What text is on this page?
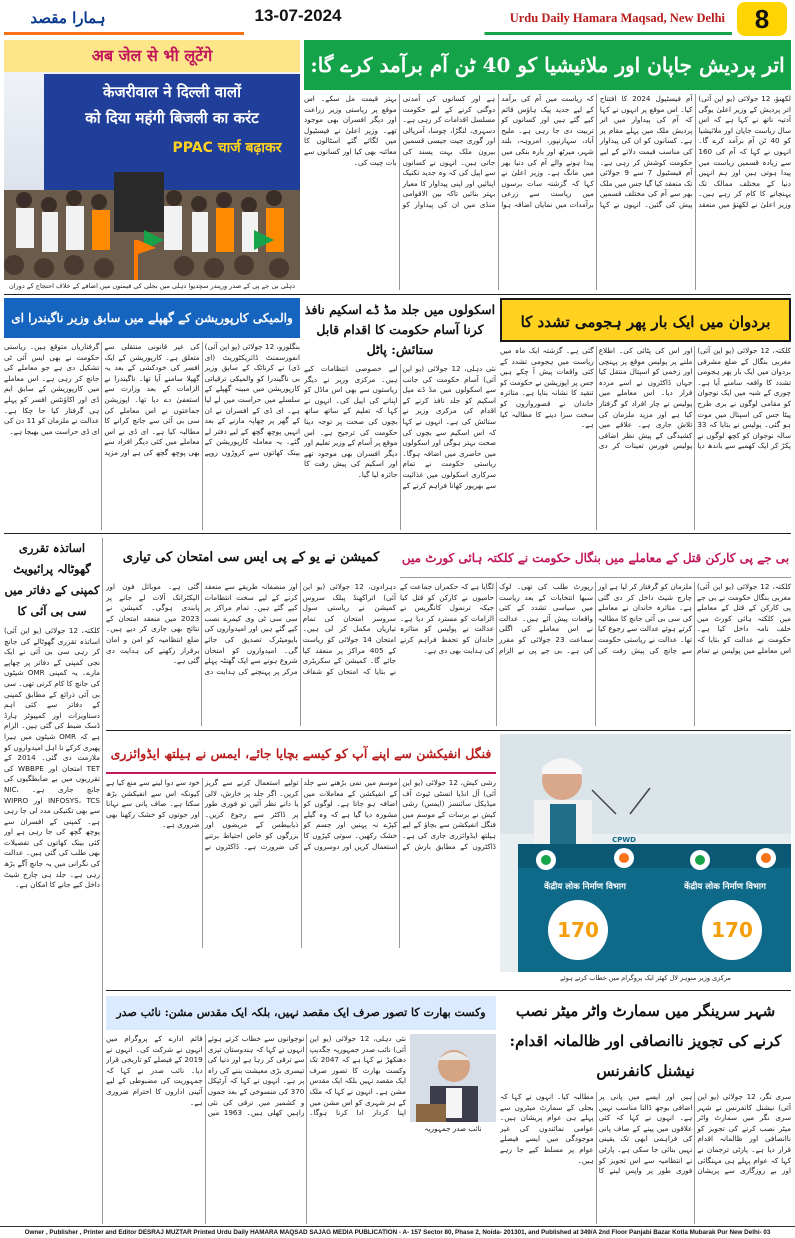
ہمارا مقصد	13-07-2024	Urdu Daily Hamara Maqsad, New Delhi	8
अब जेल से भी लूटेंगे
केजरीवाल ने दिल्ली वालों
को दिया महंगी बिजली का करंट
PPAC चार्ज बढ़ाकर
دہلی بی جے پی کے صدر وریندر سچدیوا دہلی میں بجلی کی قیمتوں میں اضافے کے خلاف احتجاج کے دوران
اتر پردیش جاپان اور ملائیشیا کو 40 ٹن آم برآمد کرے گا:
لکھنؤ، 12 جولائی (یو این آئی) اتر پردیش کے وزیر اعلیٰ یوگی آدتیہ ناتھ نے کہا ہے کہ اس سال ریاست جاپان اور ملائیشیا کو 40 ٹن آم برآمد کرے گا۔ انہوں نے کہا کہ آم کی 160 سے زیادہ قسمیں ریاست میں پیدا ہوتی ہیں اور ہم انہیں دنیا کے مختلف ممالک تک پہنچانے کا کام کر رہے ہیں۔ وزیر اعلیٰ نے لکھنؤ میں منعقد آم فیسٹیول 2024 کا افتتاح کیا۔ اس موقع پر انہوں نے کہا کہ آم کی پیداوار میں اتر پردیش ملک میں پہلے مقام پر ہے۔ کسانوں کو ان کی پیداوار کی مناسب قیمت دلانے کے لیے حکومت کوشش کر رہی ہے۔ آم فیسٹیول 7 سے 9 جولائی تک منعقد کیا گیا جس میں ملک بھر سے آم کی مختلف قسمیں پیش کی گئیں۔ انہوں نے کہا کہ ریاست میں آم کی برآمد کے لیے جدید پیک ہاؤس قائم کیے گئے ہیں اور کسانوں کو تربیت دی جا رہی ہے۔ ملیح آباد، سہارنپور، امروہہ، بلند شہر، میرٹھ اور بارہ بنکی میں پیدا ہونے والے آم کی دنیا بھر میں مانگ ہے۔ وزیر اعلیٰ نے کہا کہ گزشتہ سات برسوں میں ریاست سے زرعی برآمدات میں نمایاں اضافہ ہوا ہے اور کسانوں کی آمدنی دوگنی کرنے کے لیے حکومت مسلسل اقدامات کر رہی ہے۔ دسہری، لنگڑا، چوسا، آمرپالی اور گوری جیت جیسی قسمیں بیرون ملک بہت پسند کی جاتی ہیں۔ انہوں نے کسانوں سے اپیل کی کہ وہ جدید تکنیک اپنائیں اور اپنی پیداوار کا معیار بہتر بنائیں تاکہ بین الاقوامی منڈی میں ان کی پیداوار کو بہتر قیمت مل سکے۔ اس موقع پر ریاستی وزیر زراعت اور دیگر افسران بھی موجود تھے۔ وزیر اعلیٰ نے فیسٹیول میں لگائے گئے اسٹالوں کا معائنہ بھی کیا اور کسانوں سے بات چیت کی۔
والمیکی کارپوریشن کے گھپلے میں سابق وزیر ناگیندرا ای
بنگلورو، 12 جولائی (یو این آئی) انفورسمنٹ ڈائریکٹوریٹ (ای ڈی) نے کرناٹک کے سابق وزیر بی ناگیندرا کو والمیکی ترقیاتی کارپوریشن میں مبینہ گھپلے کے سلسلے میں حراست میں لے لیا ہے۔ ای ڈی کے افسران نے ان کے گھر پر چھاپہ مارنے کے بعد انہیں پوچھ گچھ کے لیے دفتر لے گئے۔ یہ معاملہ کارپوریشن کے بینک کھاتوں سے کروڑوں روپے کی غیر قانونی منتقلی سے متعلق ہے۔ کارپوریشن کے ایک افسر کی خودکشی کے بعد یہ گھپلا سامنے آیا تھا۔ ناگیندرا نے الزامات کے بعد وزارت سے استعفیٰ دے دیا تھا۔ اپوزیشن جماعتوں نے اس معاملے کی سی بی آئی سے جانچ کرانے کا مطالبہ کیا ہے۔ ای ڈی نے اس معاملے میں کئی دیگر افراد سے بھی پوچھ گچھ کی ہے اور مزید گرفتاریاں متوقع ہیں۔ ریاستی حکومت نے بھی ایس آئی ٹی تشکیل دی ہے جو معاملے کی جانچ کر رہی ہے۔ اس معاملے میں کارپوریشن کے سابق ایم ڈی اور اکاؤنٹس افسر کو پہلے ہی گرفتار کیا جا چکا ہے۔ عدالت نے ملزمان کو 11 دن کی ای ڈی حراست میں بھیجا ہے۔
اسکولوں میں جلد مڈ ڈے اسکیم نافذ کرنا آسام حکومت کا اقدام قابل ستائش: پاٹل
نئی دہلی، 12 جولائی (یو این آئی) آسام حکومت کی جانب سے اسکولوں میں مڈ ڈے میل اسکیم کو جلد نافذ کرنے کے اقدام کی مرکزی وزیر نے ستائش کی ہے۔ انہوں نے کہا کہ اس اسکیم سے بچوں کی صحت بہتر ہوگی اور اسکولوں میں حاضری میں اضافہ ہوگا۔ ریاستی حکومت نے تمام سرکاری اسکولوں میں غذائیت سے بھرپور کھانا فراہم کرنے کے لیے خصوصی انتظامات کیے ہیں۔ مرکزی وزیر نے دیگر ریاستوں سے بھی اس ماڈل کو اپنانے کی اپیل کی۔ انہوں نے کہا کہ تعلیم کے ساتھ ساتھ بچوں کی صحت پر توجہ دینا حکومت کی ترجیح ہے۔ اس موقع پر آسام کے وزیر تعلیم اور دیگر افسران بھی موجود تھے اور اسکیم کی پیش رفت کا جائزہ لیا گیا۔
بردوان میں ایک بار پھر ہجومی تشدد کا
کلکتہ، 12 جولائی (یو این آئی) مغربی بنگال کے ضلع مشرقی بردوان میں ایک بار پھر ہجومی تشدد کا واقعہ سامنے آیا ہے۔ چوری کے شبہ میں ایک نوجوان کو مقامی لوگوں نے بری طرح پیٹا جس کی اسپتال میں موت ہو گئی۔ پولیس نے بتایا کہ 33 سالہ نوجوان کو کچھ لوگوں نے پکڑ کر ایک کھمبے سے باندھ دیا اور اس کی پٹائی کی۔ اطلاع ملنے پر پولیس موقع پر پہنچی اور زخمی کو اسپتال منتقل کیا جہاں ڈاکٹروں نے اسے مردہ قرار دیا۔ اس معاملے میں پولیس نے چار افراد کو گرفتار کیا ہے اور مزید ملزمان کی تلاش جاری ہے۔ علاقے میں کشیدگی کے پیش نظر اضافی پولیس فورس تعینات کر دی گئی ہے۔ گزشتہ ایک ماہ میں ریاست میں ہجومی تشدد کے کئی واقعات پیش آ چکے ہیں جس پر اپوزیشن نے حکومت کو تنقید کا نشانہ بنایا ہے۔ متاثرہ خاندان نے قصورواروں کو سخت سزا دینے کا مطالبہ کیا ہے۔
اساتذہ تقرری گھوٹالہ پرائیویٹ کمپنی کے دفاتر میں سی بی آئی کا
کلکتہ، 12 جولائی (یو این آئی) اساتذہ تقرری گھوٹالے کی جانچ کر رہی سی بی آئی نے ایک نجی کمپنی کے دفاتر پر چھاپے مارے۔ یہ کمپنی OMR شیٹوں کی جانچ کا کام کرتی تھی۔ سی بی آئی ذرائع کے مطابق کمپنی کے دفاتر سے کئی اہم دستاویزات اور کمپیوٹر ہارڈ ڈسک ضبط کی گئی ہیں۔ الزام ہے کہ OMR شیٹوں میں ہیرا پھیری کرکے نا اہل امیدواروں کو ملازمت دی گئی۔ 2014 کے TET امتحان اور WBBPE کی تقرریوں میں بے ضابطگیوں کی جانچ جاری ہے۔ NIC، INFOSYS، TCS اور WIPRO سے بھی تکنیکی مدد لی جا رہی ہے۔ کمپنی کے افسران سے پوچھ گچھ کی جا رہی ہے اور کئی بینک کھاتوں کی تفصیلات بھی طلب کی گئی ہیں۔ عدالت کی نگرانی میں یہ جانچ آگے بڑھ رہی ہے۔ جلد ہی چارج شیٹ داخل کیے جانے کا امکان ہے۔
کمیشن نے یو کے پی ایس سی امتحان کی تیاری
دہرادون، 12 جولائی (یو این آئی) اتراکھنڈ پبلک سروس کمیشن نے ریاستی سول سروسز امتحان کی تمام تیاریاں مکمل کر لی ہیں۔ امتحان 14 جولائی کو ریاست کے 405 مراکز پر منعقد کیا جائے گا۔ کمیشن کے سکریٹری نے بتایا کہ امتحان کو شفاف اور منصفانہ طریقے سے منعقد کرنے کے لیے سخت انتظامات کیے گئے ہیں۔ تمام مراکز پر سی سی ٹی وی کیمرے نصب کیے گئے ہیں اور امیدواروں کی بایومیٹرک تصدیق کی جائے گی۔ امیدواروں کو امتحان شروع ہونے سے ایک گھنٹہ پہلے مرکز پر پہنچنے کی ہدایت دی گئی ہے۔ موبائل فون اور الیکٹرانک آلات لے جانے پر پابندی ہوگی۔ کمیشن نے 2023 میں منعقد امتحان کے نتائج بھی جاری کر دیے ہیں۔ ضلع انتظامیہ کو امن و امان برقرار رکھنے کی ہدایت دی گئی ہے۔
بی جے پی کارکن قتل کے معاملے میں بنگال حکومت نے کلکتہ ہائی کورٹ میں
کلکتہ، 12 جولائی (یو این آئی) مغربی بنگال حکومت نے بی جے پی کارکن کے قتل کے معاملے میں کلکتہ ہائی کورٹ میں حلف نامہ داخل کیا ہے۔ حکومت نے عدالت کو بتایا کہ اس معاملے میں پولیس نے تمام ملزمان کو گرفتار کر لیا ہے اور چارج شیٹ داخل کر دی گئی ہے۔ متاثرہ خاندان نے معاملے کی سی بی آئی جانچ کا مطالبہ کرتے ہوئے عدالت سے رجوع کیا تھا۔ عدالت نے ریاستی حکومت سے جانچ کی پیش رفت کی رپورٹ طلب کی تھی۔ لوک سبھا انتخابات کے بعد ریاست میں سیاسی تشدد کے کئی واقعات پیش آئے ہیں۔ عدالت نے اس معاملے کی اگلی سماعت 23 جولائی کو مقرر کی ہے۔ بی جے پی نے الزام لگایا ہے کہ حکمراں جماعت کے حامیوں نے کارکن کو قتل کیا جبکہ ترنمول کانگریس نے الزامات کو مسترد کر دیا ہے۔ عدالت نے پولیس کو متاثرہ خاندان کو تحفظ فراہم کرنے کی ہدایت بھی دی ہے۔
فنگل انفیکشن سے اپنے آپ کو کیسے بچایا جائے، ایمس نے ہیلتھ ایڈوائزری
رشی کیش، 12 جولائی (یو این آئی) آل انڈیا انسٹی ٹیوٹ آف میڈیکل سائنسز (ایمس) رشی کیش نے برسات کے موسم میں فنگل انفیکشن سے بچاؤ کے لیے ہیلتھ ایڈوائزری جاری کی ہے۔ ڈاکٹروں کے مطابق بارش کے موسم میں نمی بڑھنے سے جلد کے انفیکشن کے معاملات میں اضافہ ہو جاتا ہے۔ لوگوں کو مشورہ دیا گیا ہے کہ وہ گیلے کپڑے نہ پہنیں اور جسم کو خشک رکھیں۔ سوتی کپڑوں کا استعمال کریں اور دوسروں کے تولیے استعمال کرنے سے گریز کریں۔ اگر جلد پر خارش، لالی یا دانے نظر آئیں تو فوری طور پر ڈاکٹر سے رجوع کریں۔ ذیابیطس کے مریضوں اور بزرگوں کو خاص احتیاط برتنے کی ضرورت ہے۔ ڈاکٹروں نے خود سے دوا لینے سے منع کیا ہے کیونکہ اس سے انفیکشن بڑھ سکتا ہے۔ صاف پانی سے نہانا اور جوتوں کو خشک رکھنا بھی ضروری ہے۔
केंद्रीय लोक निर्माण विभाग	केंद्रीय लोक निर्माण विभाग
CPWD
170	170
مرکزی وزیر منوہر لال کھٹر ایک پروگرام میں خطاب کرتے ہوئے
وکست بھارت کا تصور صرف ایک مقصد نہیں، بلکہ ایک مقدس مشن: نائب صدر
نئی دہلی، 12 جولائی (یو این آئی) نائب صدر جمہوریہ جگدیپ دھنکھڑ نے کہا ہے کہ 2047 تک وکست بھارت کا تصور صرف ایک مقصد نہیں بلکہ ایک مقدس مشن ہے۔ انہوں نے کہا کہ ملک کے ہر شہری کو اس مشن میں اپنا کردار ادا کرنا ہوگا۔ نوجوانوں سے خطاب کرتے ہوئے انہوں نے کہا کہ ہندوستان تیزی سے ترقی کر رہا ہے اور دنیا کی تیسری بڑی معیشت بننے کی راہ پر ہے۔ انہوں نے کہا کہ آرٹیکل 370 کی منسوخی کے بعد جموں و کشمیر میں ترقی کی نئی راہیں کھلی ہیں۔ 1963 میں قائم ادارے کے پروگرام میں انہوں نے شرکت کی۔ انہوں نے 2019 کے فیصلے کو تاریخی قرار دیا۔ نائب صدر نے کہا کہ جمہوریت کی مضبوطی کے لیے آئینی اداروں کا احترام ضروری ہے۔
نائب صدر جمہوریہ
شہر سرینگر میں سمارٹ واٹر میٹر نصب کرنے کی تجویز ناانصافی اور ظالمانہ اقدام: نیشنل کانفرنس
سری نگر، 12 جولائی (یو این آئی) نیشنل کانفرنس نے شہر سری نگر میں سمارٹ واٹر میٹر نصب کرنے کی تجویز کو ناانصافی اور ظالمانہ اقدام قرار دیا ہے۔ پارٹی ترجمان نے کہا کہ عوام پہلے ہی مہنگائی اور بے روزگاری سے پریشان ہیں اور ایسے میں پانی پر اضافی بوجھ ڈالنا مناسب نہیں ہے۔ انہوں نے کہا کہ کئی علاقوں میں پینے کے صاف پانی کی فراہمی ابھی تک یقینی نہیں بنائی جا سکی ہے۔ پارٹی نے انتظامیہ سے اس تجویز کو فوری طور پر واپس لینے کا مطالبہ کیا۔ انہوں نے کہا کہ بجلی کے سمارٹ میٹروں سے پہلے ہی عوام پریشان ہیں۔ عوامی نمائندوں کی غیر موجودگی میں ایسے فیصلے عوام پر مسلط کیے جا رہے ہیں۔
Owner , Publisher , Printer and Editor DESRAJ MUZTAR Printed Urdu Daily HAMARA MAQSAD SAJAG MEDIA PUBLICATION - A- 157 Sector 80, Phase 2, Noida- 201301, and Published at 349/A 2nd Floor Panjabi Bazar Kotla Mubarak Pur New Delhi- 03
